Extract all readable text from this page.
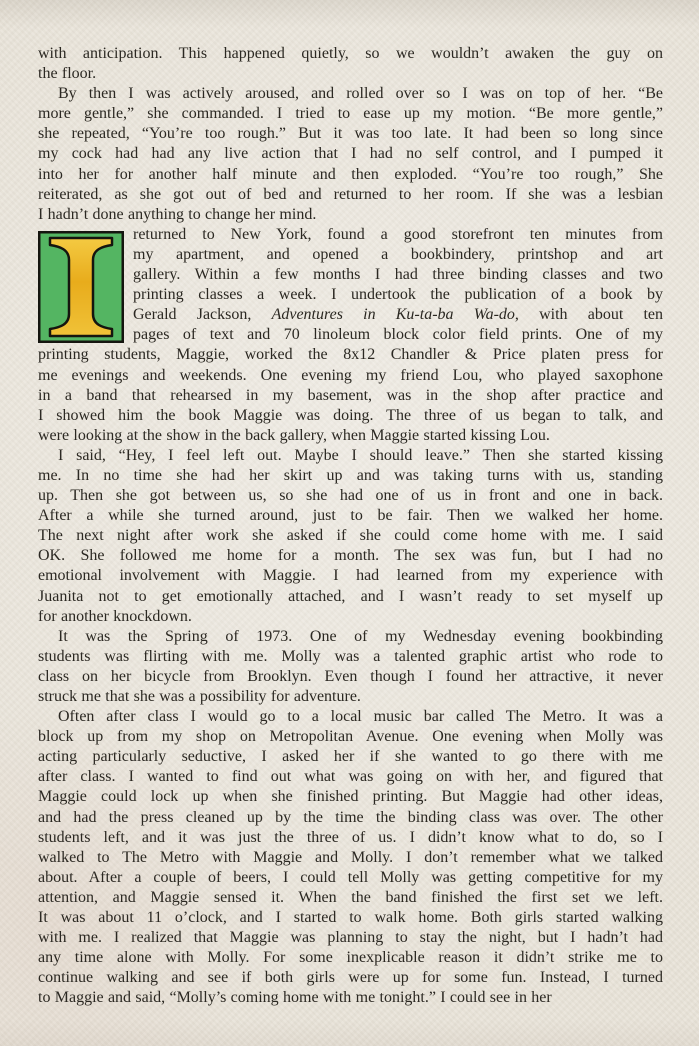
with anticipation. This happened quietly, so we wouldn’t awaken the guy on
the floor.
By then I was actively aroused, and rolled over so I was on top of her. “Be
more gentle,” she commanded. I tried to ease up my motion. “Be more gentle,”
she repeated, “You’re too rough.” But it was too late. It had been so long since
my cock had had any live action that I had no self control, and I pumped it
into her for another half minute and then exploded. “You’re too rough,” She
reiterated, as she got out of bed and returned to her room. If she was a lesbian
I hadn’t done anything to change her mind.
returned to New York, found a good storefront ten minutes from
my apartment, and opened a bookbindery, printshop and art
gallery. Within a few months I had three binding classes and two
printing classes a week. I undertook the publication of a book by
Gerald Jackson, Adventures in Ku-ta-ba Wa-do, with about ten
pages of text and 70 linoleum block color field prints. One of my
printing students, Maggie, worked the 8x12 Chandler & Price platen press for
me evenings and weekends. One evening my friend Lou, who played saxophone
in a band that rehearsed in my basement, was in the shop after practice and
I showed him the book Maggie was doing. The three of us began to talk, and
were looking at the show in the back gallery, when Maggie started kissing Lou.
I said, “Hey, I feel left out. Maybe I should leave.” Then she started kissing
me. In no time she had her skirt up and was taking turns with us, standing
up. Then she got between us, so she had one of us in front and one in back.
After a while she turned around, just to be fair. Then we walked her home.
The next night after work she asked if she could come home with me. I said
OK. She followed me home for a month. The sex was fun, but I had no
emotional involvement with Maggie. I had learned from my experience with
Juanita not to get emotionally attached, and I wasn’t ready to set myself up
for another knockdown.
It was the Spring of 1973. One of my Wednesday evening bookbinding
students was flirting with me. Molly was a talented graphic artist who rode to
class on her bicycle from Brooklyn. Even though I found her attractive, it never
struck me that she was a possibility for adventure.
Often after class I would go to a local music bar called The Metro. It was a
block up from my shop on Metropolitan Avenue. One evening when Molly was
acting particularly seductive, I asked her if she wanted to go there with me
after class. I wanted to find out what was going on with her, and figured that
Maggie could lock up when she finished printing. But Maggie had other ideas,
and had the press cleaned up by the time the binding class was over. The other
students left, and it was just the three of us. I didn’t know what to do, so I
walked to The Metro with Maggie and Molly. I don’t remember what we talked
about. After a couple of beers, I could tell Molly was getting competitive for my
attention, and Maggie sensed it. When the band finished the first set we left.
It was about 11 o’clock, and I started to walk home. Both girls started walking
with me. I realized that Maggie was planning to stay the night, but I hadn’t had
any time alone with Molly. For some inexplicable reason it didn’t strike me to
continue walking and see if both girls were up for some fun. Instead, I turned
to Maggie and said, “Molly’s coming home with me tonight.” I could see in her
